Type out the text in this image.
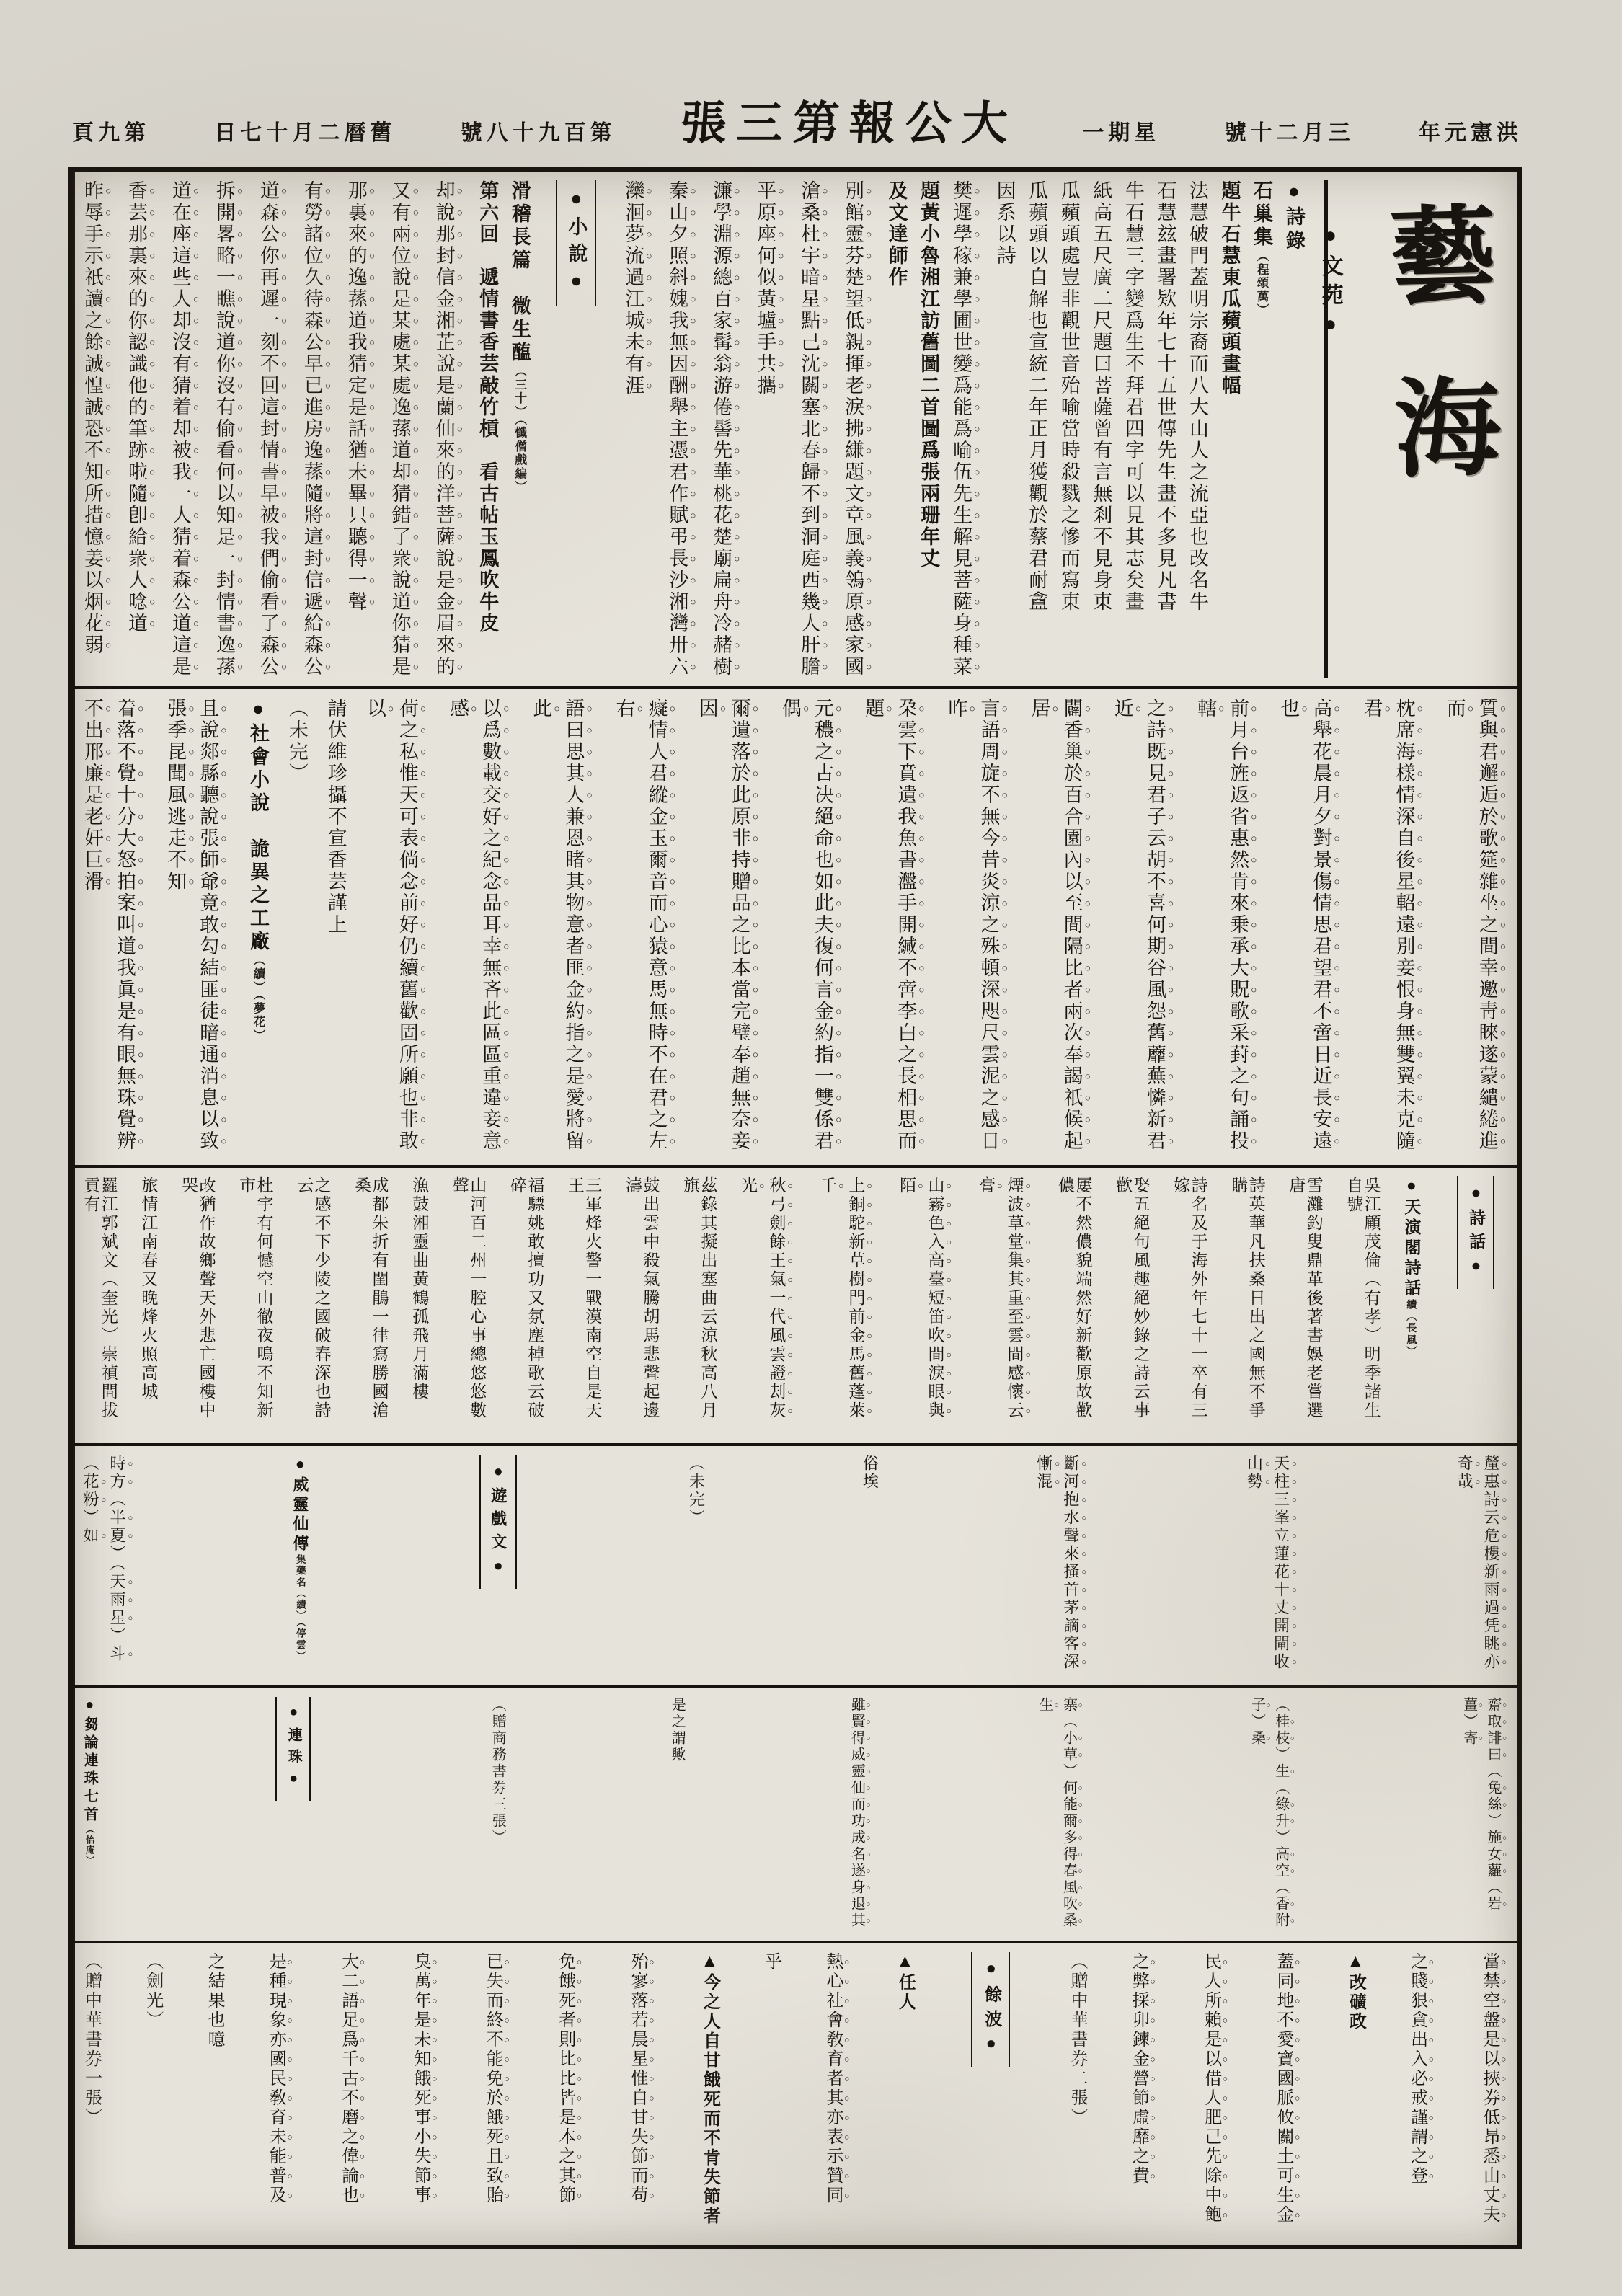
頁九第	日七十月二曆舊	號八十九百第 張三第報公大	一期星	號十二月三	年元憲洪
藝海
●文苑●
●詩錄
石巢集（程頌萬）
題牛石慧東瓜蘋頭畫幅
法慧破門蓋明宗裔而八大山人之流亞也改名牛
石慧玆畫署欵年七十五世傳先生畫不多見凡書
牛石慧三字變爲生不拜君四字可以見其志矣畫
紙高五尺廣二尺題曰菩薩曾有言無剎不見身東
瓜蘋頭處豈非觀世音殆喻當時殺戮之慘而寫東
瓜蘋頭以自解也宣統二年正月獲觀於蔡君耐盦
因系以詩
樊遲學稼兼學圃世變爲能爲喻伍先生解見菩薩身種菜
題黃小魯湘江訪舊圖二首圖爲張兩珊年丈
及文達師作
別館靈芬楚望低親揮老淚拂縑題文章風義鴒原感家國
滄桑杜宇暗星點己沈關塞北春歸不到洞庭西幾人肝膽
平原座何似黃壚手共攜
濂學淵源總百家髯翁游倦髻先華桃花楚廟扁舟冷赭樹
秦山夕照斜媿我無因酬舉主憑君作賦弔長沙湘灣卅六
灤洄夢流過江城未有涯
●小說●
滑稽長篇　微生醢（三十）（懺僧戲編）
第六回　遞情書香芸敲竹槓　看古帖玉鳳吹牛皮
却說那封信金湘芷說是蘭仙來的洋菩薩說是金眉來的
又有兩位說是某處某處逸蓀道却猜錯了衆說道你猜是
那裏來的逸蓀道我猜定是話猶未畢只聽得一聲
有勞諸位久待森公早已進房逸蓀隨將這封信遞給森公
道森公你再遲一刻不回這封情書早被我們偷看了森公
拆開畧略一瞧說道你沒有偷看何以知是一封情書逸蓀
道在座這些人却沒有猜着却被我一人猜着森公道這是
香芸那裏來的你認識他的筆跡啦隨卽給衆人唸道
昨辱手示祇讀之餘誠惶誠恐不知所措憶姜以烟花弱
質與君邂逅於歌筵雜坐之間幸邀靑睞遂蒙繾綣進而
枕席海樣情深自後星軺遠別妾恨身無雙翼未克隨君
高舉花晨月夕對景傷情思君望君不啻日近長安遠也
前月台旌返省惠然肯來乗承大貺歌采葑之句誦投轄
之詩既見君子云胡不喜何期谷風怨舊蘼蕪憐新君近
闢香巢於百合園內以至間隔比者兩次奉謁祇候起居
言語周旋不無今昔炎涼之殊頓深咫尺雲泥之感日昨
朶雲下賁遺我魚書瀊手開緘不啻李白之長相思而題
元穠之古决絕命也如此夫復何言金約指一雙係君偶
爾遺落於此原非持贈品之比本當完璧奉趙無奈妾因
癡情人君縱金玉爾音而心猿意馬無時不在君之左右
語曰思其人兼恩睹其物意者匪金約指之是愛將留此
以爲數載交好之紀念品耳幸無吝此區區重違妾意感
荷之私惟天可表倘念前好仍續舊歡固所願也非敢以
請伏維珍攝不宣香芸謹上
（未完）
●社會小說　詭異之工廠（續）（夢花）
且說郯縣聽說張師爺竟敢勾結匪徒暗通消息以致張季昆聞風逃走不知
着落不覺十分大怒拍案叫道我眞是有眼無珠覺辨不出邢廉是老奸巨滑
●詩話●
●天演閣詩話續（長風）
吳江顧茂倫（有孝）明季諸生自號
雪灘釣叟鼎革後著書娛老嘗選唐
詩英華凡扶桑日出之國無不爭購
詩名及于海外年七十一卒有三嫁
娶五絕句風趣絕妙錄之詩云事歡
屢不然儂貌端然好新歡原故歡儂
煙波草堂集其重至雲間感懷云膏
山霧色入高臺短笛吹間淚眼與陌
上銅駝新草樹門前金馬舊蓬萊千
秋弓劍餘王氣一代風雲證刦灰光
茲錄其擬出塞曲云涼秋高八月旗
鼓出雲中殺氣騰胡馬悲聲起邊濤
三軍烽火警一戰漠南空自是天王
福驃姚敢擅功又氛塵棹歌云破碎
山河百二州一腔心事總悠悠數聲
漁鼓湘靈曲黃鶴孤飛月滿樓
成都朱折有閨鵑一律寫勝國滄桑
之感不下少陵之國破春深也詩云
杜宇有何憾空山徹夜鳴不知新市
改猶作故鄉聲天外悲亡國樓中哭
旅情江南春又晚烽火照高城
羅江郭斌文（奎光）崇禎間拔貢有
釐惠詩云危樓新雨過凭眺亦奇哉
天柱三峯立蓮花十丈開閘收山勢
斷河抱水聲來搔首茅謫客深慚混
俗埃
（未完）
●遊戲文●
●威靈仙傳集藥名（續）（停雲）
時方（半夏）（天雨星）斗（花粉）如
齋取誹曰（兔絲）施女蘿（岩薑）寄
（桂枝）生（綠升）高空（香附子）桑
寨（小草）何能爾多得春風吹桑生
雖賢得威靈仙而功成名遂身退其
是之謂歟
（贈商務書券三張）
●連珠●
●芻論連珠七首（怡庵）
當禁空盤是以挾券低昂悉由丈夫
之賤狠貪出入必戒謹謂之登
▲改礦政
蓋同地不愛寶國脈攸關土可生金
民人所賴是以借人肥己先除中飽
之弊採卯鍊金營節虛靡之費
（贈中華書券二張）
●餘波●
▲任人
熱心社會敎育者其亦表示贊同
乎
▲今之人自甘餓死而不肯失節者
殆寥落若晨星惟自甘失節而苟
免餓死者則比比皆是本之其節
已失而終不能免於餓死且致貽
臭萬年是未知餓死事小失節事
大二語足爲千古不磨之偉論也
是種現象亦國民敎育未能普及
之結果也噫
（劍光）
（贈中華書券一張）
